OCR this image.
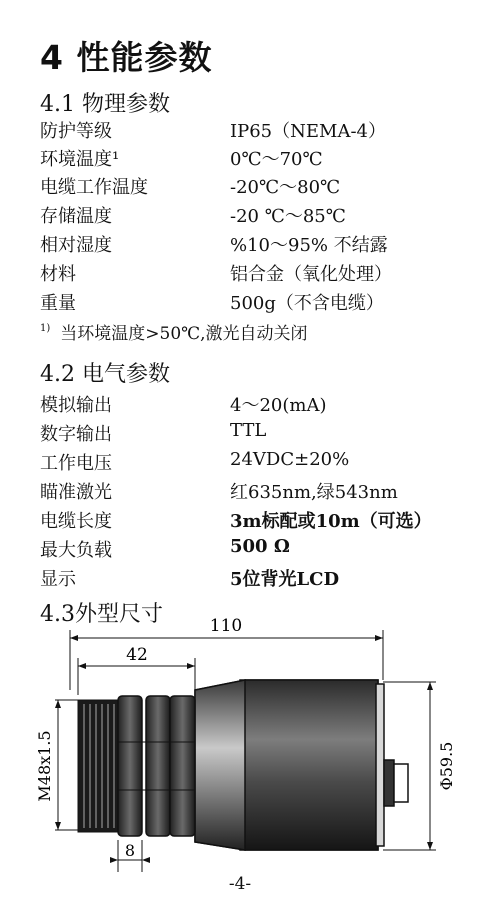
4 性能参数
4.1 物理参数
防护等级	IP65（NEMA-4）
环境温度¹	0℃～70℃
电缆工作温度	-20℃～80℃
存储温度	-20 ℃～85℃
相对湿度	%10～95% 不结露
材料	铝合金（氧化处理）
重量	500g（不含电缆）
$^{1)}$ 当环境温度>50℃,激光自动关闭
4.2 电气参数
模拟输出	4～20(mA)
数字输出	TTL
工作电压	24VDC±20%
瞄准激光	红635nm,绿543nm
电缆长度	3m标配或10m（可选）
最大负载	500 Ω
显示	5位背光LCD
4.3外型尺寸	110
42
M48x1.5	Φ59.5
8
-4-
